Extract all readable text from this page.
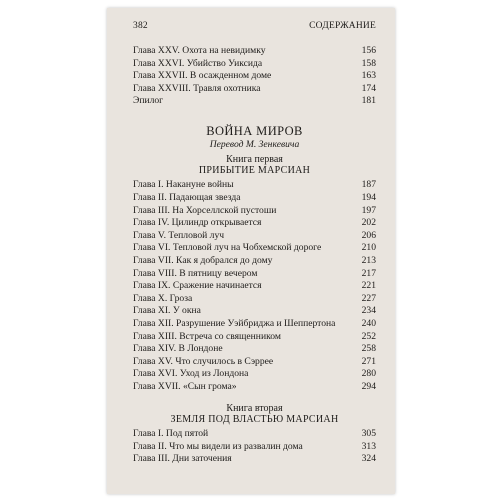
382	СОДЕРЖАНИЕ
Глава XXV. Охота на невидимку	156
Глава XXVI. Убийство Уиксида	158
Глава XXVII. В осажденном доме	163
Глава XXVIII. Травля охотника	174
Эпилог	181
ВОЙНА МИРОВ
Перевод М. Зенкевича
Книга первая
ПРИБЫТИЕ МАРСИАН
Глава I. Накануне войны	187
Глава II. Падающая звезда	194
Глава III. На Хорселлской пустоши	197
Глава IV. Цилиндр открывается	202
Глава V. Тепловой луч	206
Глава VI. Тепловой луч на Чобхемской дороге	210
Глава VII. Как я добрался до дому	213
Глава VIII. В пятницу вечером	217
Глава IX. Сражение начинается	221
Глава X. Гроза	227
Глава XI. У окна	234
Глава XII. Разрушение Уэйбриджа и Шеппертона	240
Глава XIII. Встреча со священником	252
Глава XIV. В Лондоне	258
Глава XV. Что случилось в Сэррее	271
Глава XVI. Уход из Лондона	280
Глава XVII. «Сын грома»	294
Книга вторая
ЗЕМЛЯ ПОД ВЛАСТЬЮ МАРСИАН
Глава I. Под пятой	305
Глава II. Что мы видели из развалин дома	313
Глава III. Дни заточения	324
